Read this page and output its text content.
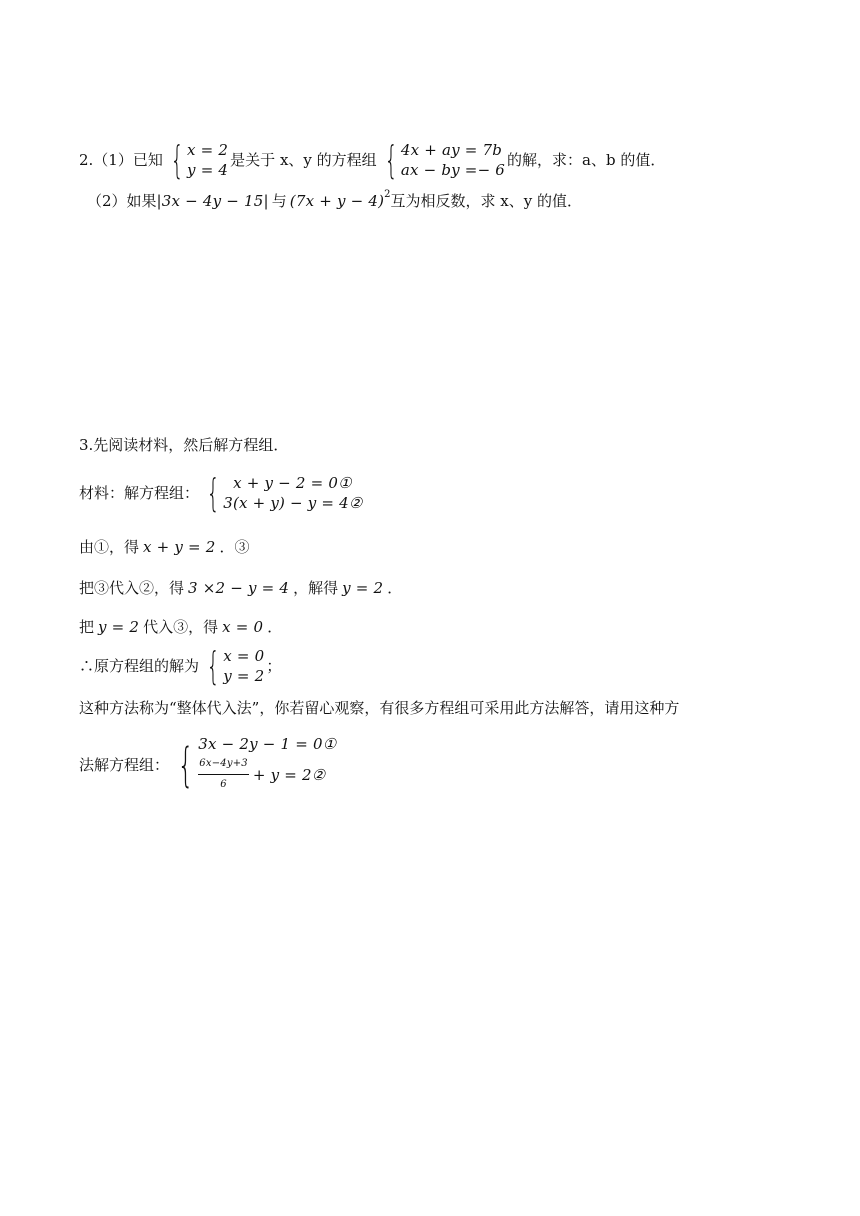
2.（1）已知 { x = 2
y = 4
是关于 x、y 的方程组 { 4x + ay = 7b
ax − by =− 6
的解，求：a、b 的值．
（2）如果 |3x − 4y − 15| 与 $(7x + y - 4)^2$ 互为相反数，求 x、y 的值．
3.先阅读材料，然后解方程组．
材料：解方程组： { x + y − 2 = 0①
3(x + y) − y = 4②
由①，得 x + y = 2 ．③
把③代入②，得 3 ×2 − y = 4 ，解得 y = 2 ．
把 y = 2 代入③，得 x = 0 ．
∴原方程组的解为 { x = 0
y = 2
；
这种方法称为“整体代入法”，你若留心观察，有很多方程组可采用此方法解答，请用这种方
法解方程组： { 3x − 2y − 1 = 0①
$\frac{6x-4y+3}{6} + y$ = 2②
